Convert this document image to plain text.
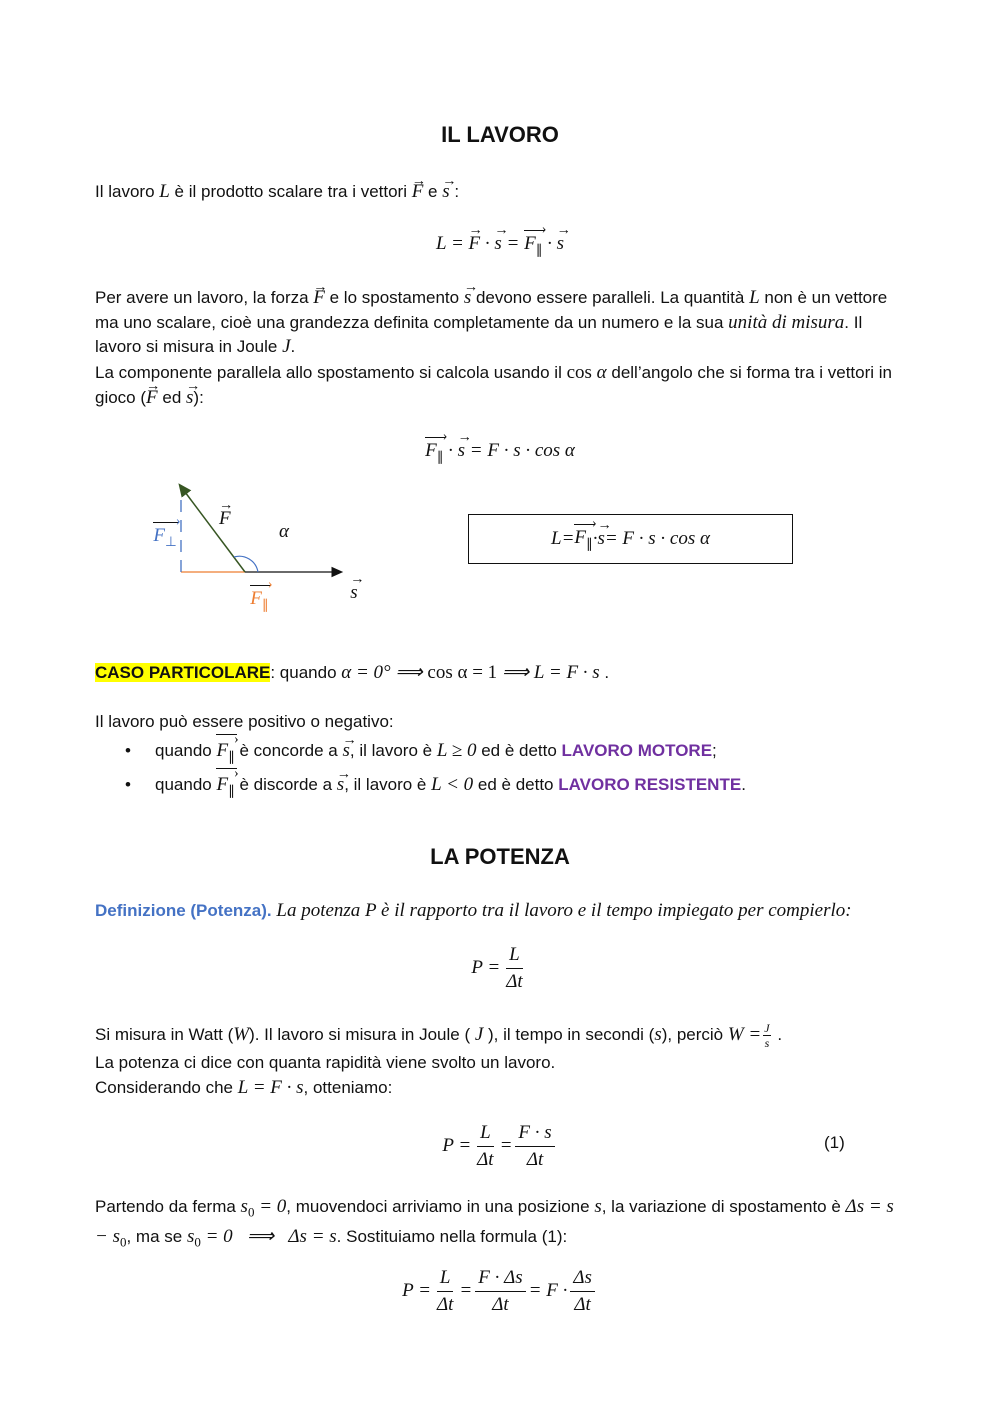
IL LAVORO
Il lavoro L è il prodotto scalare tra i vettori → F e → s :
L = → F · → $s = F_\parallel$ › · → s
Per avere un lavoro, la forza → F e lo spostamento → s devono essere paralleli. La quantità L non è un vettore ma uno scalare, cioè una grandezza definita completamente da un numero e la sua unità di misura. Il lavoro si misura in Joule J.
La componente parallela allo spostamento si calcola usando il cos α dell’angolo che si forma tra i vettori in gioco (→ F ed → s):
$F_\parallel$ › · → s = F · s · cos α
→ F
α
$F_\perp$ › $F_\parallel$ › → s
$L = F_\parallel$ › ·
→ s = F · s · cos α
CASO PARTICOLARE: quando α = 0° ⟹ cos α = 1 ⟹ L = F · s .
Il lavoro può essere positivo o negativo:
• quando $F_\parallel$ › è concorde a → s, il lavoro è L ≥ 0 ed è detto LAVORO MOTORE;
• quando $F_\parallel$ › è discorde a → s, il lavoro è L < 0 ed è detto LAVORO RESISTENTE.
LA POTENZA
Definizione (Potenza). La potenza P è il rapporto tra il lavoro e il tempo impiegato per compierlo:
$P = \frac{L}{\Delta t}$
Si misura in Watt (W). Il lavoro si misura in Joule ( J ), il tempo in secondi (s), perciò $W = \frac{J}{s}$ .
La potenza ci dice con quanta rapidità viene svolto un lavoro.
Considerando che L = F · s, otteniamo:
$P = \frac{L}{\Delta t} = \frac{F \cdot s}{\Delta t}$	(1)
Partendo da ferma $s_0 = 0$, muovendoci arriviamo in una posizione s, la variazione di spostamento è $\Delta s = s - s_0$, ma se $s_0 = 0$   ⟹   Δs = s. Sostituiamo nella formula (1):
$P = \frac{L}{\Delta t} = \frac{F \cdot \Delta s}{\Delta t} = F \cdot \frac{\Delta s}{\Delta t}$
